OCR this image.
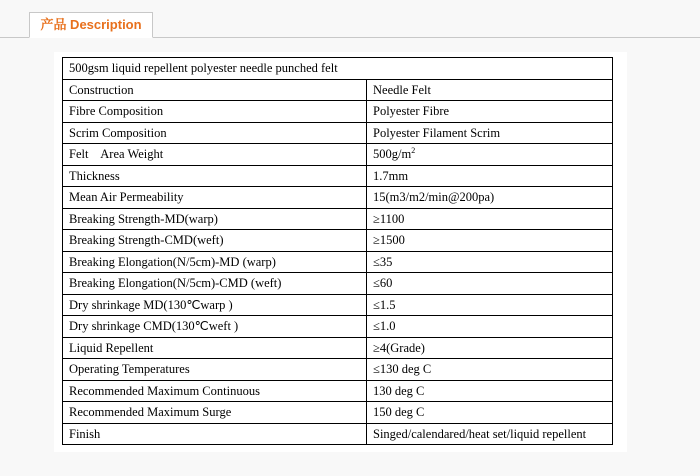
产品 Description
500gsm liquid repellent polyester needle punched felt	
Construction	Needle Felt
Fibre Composition	Polyester Fibre
Scrim Composition	Polyester Filament Scrim
Felt    Area Weight	$500g/m^2$
Thickness	1.7mm
Mean Air Permeability	15(m3/m2/min@200pa)
Breaking Strength-MD(warp)	≥1100
Breaking Strength-CMD(weft)	≥1500
Breaking Elongation(N/5cm)-MD (warp)	≤35
Breaking Elongation(N/5cm)-CMD (weft)	≤60
Dry shrinkage MD(130℃warp )	≤1.5
Dry shrinkage CMD(130℃weft )	≤1.0
Liquid Repellent	≥4(Grade)
Operating Temperatures	≤130 deg C
Recommended Maximum Continuous	130 deg C
Recommended Maximum Surge	150 deg C
Finish	Singed/calendared/heat set/liquid repellent
